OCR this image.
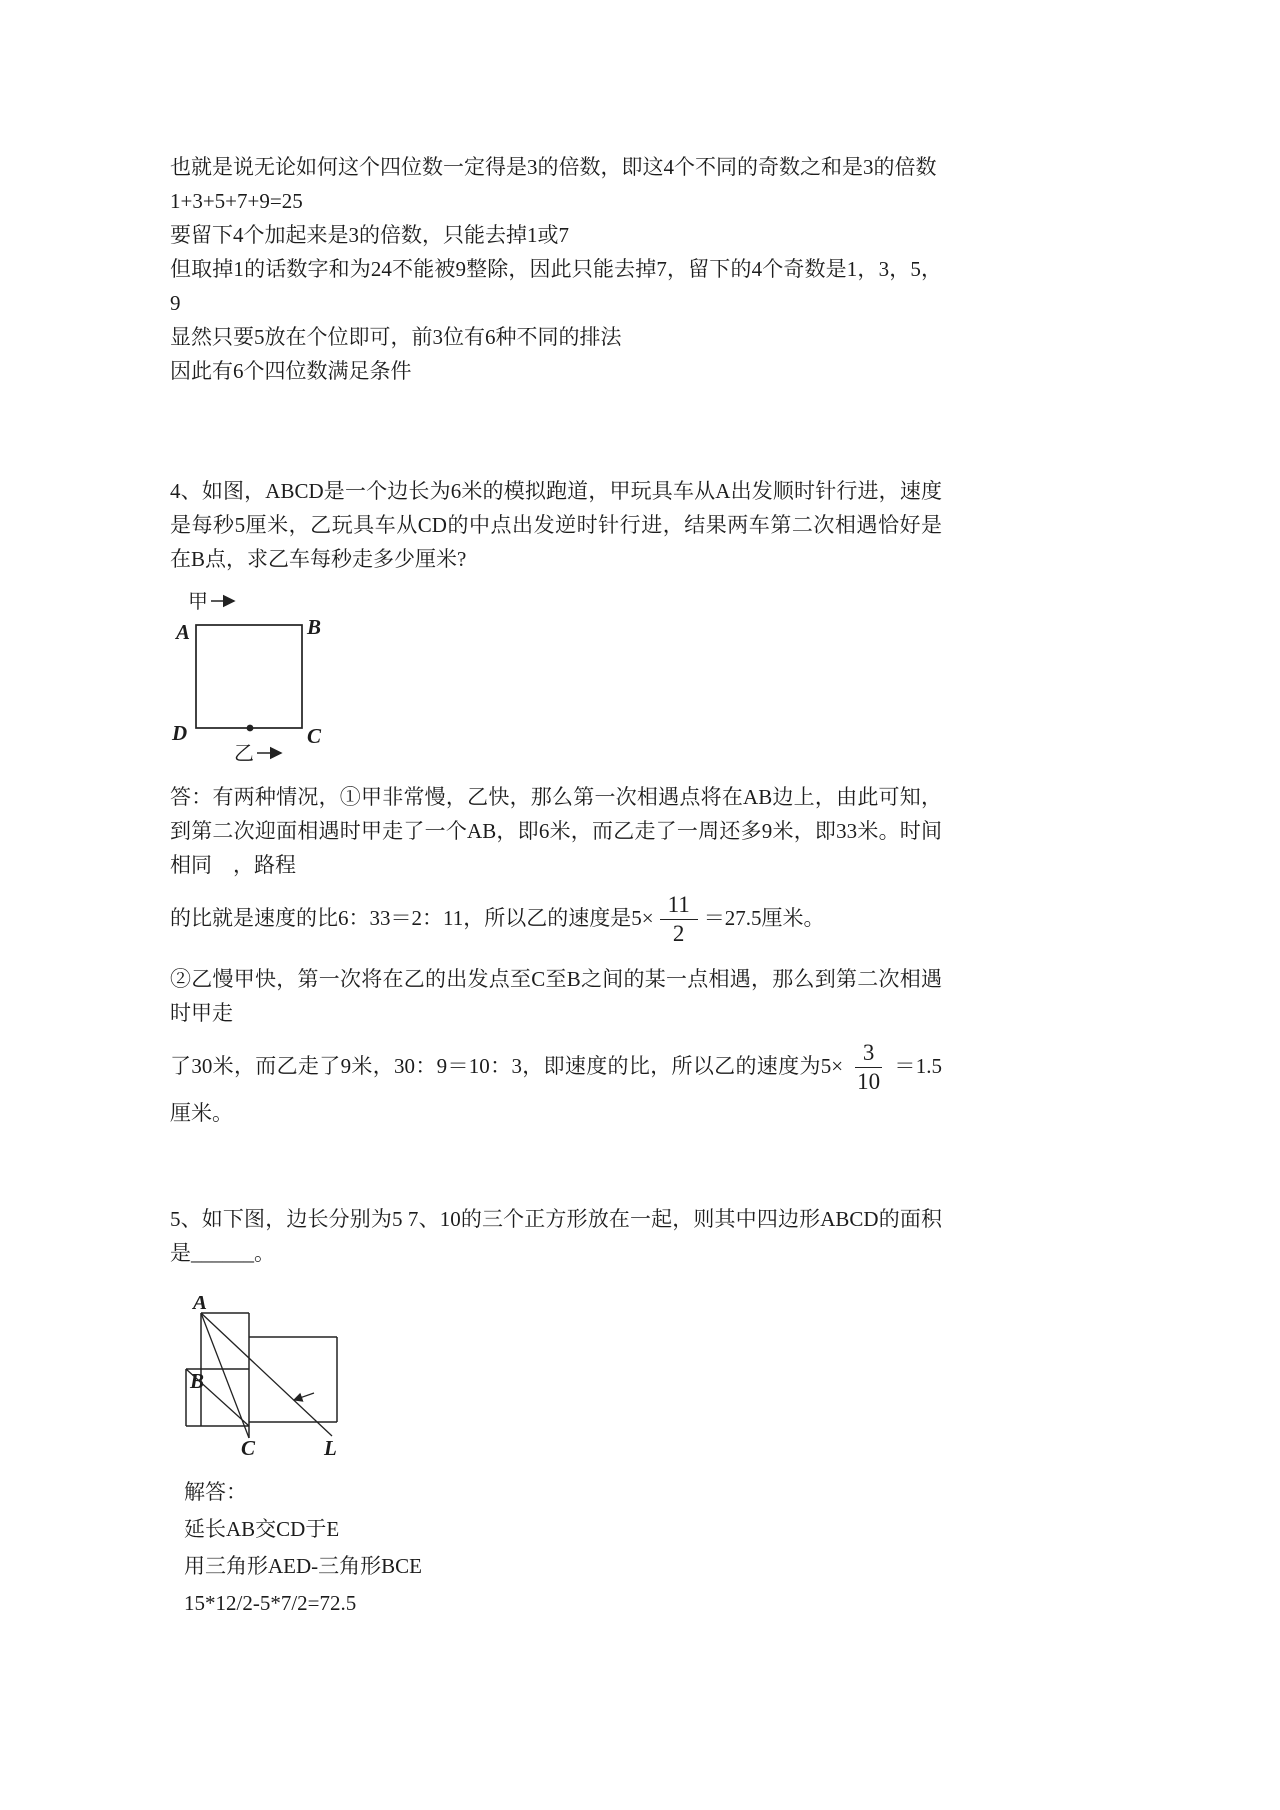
也就是说无论如何这个四位数一定得是3的倍数，即这4个不同的奇数之和是3的倍数
1+3+5+7+9=25
要留下4个加起来是3的倍数，只能去掉1或7
但取掉1的话数字和为24不能被9整除，因此只能去掉7，留下的4个奇数是1，3，5，9
显然只要5放在个位即可，前3位有6种不同的排法
因此有6个四位数满足条件
4、如图，ABCD是一个边长为6米的模拟跑道，甲玩具车从A出发顺时针行进，速度是每秒5厘米，乙玩具车从CD的中点出发逆时针行进，结果两车第二次相遇恰好是在B点，求乙车每秒走多少厘米?
甲
A	B
D	C
乙
答：有两种情况，①甲非常慢，乙快，那么第一次相遇点将在AB边上，由此可知，到第二次迎面相遇时甲走了一个AB，即6米，而乙走了一周还多9米，即33米。时间相同　，路程
的比就是速度的比6：33＝2：11，所以乙的速度是$5\times \frac{11}{2} =27.5$厘米。
②乙慢甲快，第一次将在乙的出发点至C至B之间的某一点相遇，那么到第二次相遇时甲走
了30米，而乙走了9米，30：9＝10：3，即速度的比，所以乙的速度为$5\times \frac{3}{10} =1.5$厘米。
5、如下图，边长分别为5 7、10的三个正方形放在一起，则其中四边形ABCD的面积是______。
A
B
C	L
解答：
延长AB交CD于E
用三角形AED-三角形BCE
15*12/2-5*7/2=72.5
